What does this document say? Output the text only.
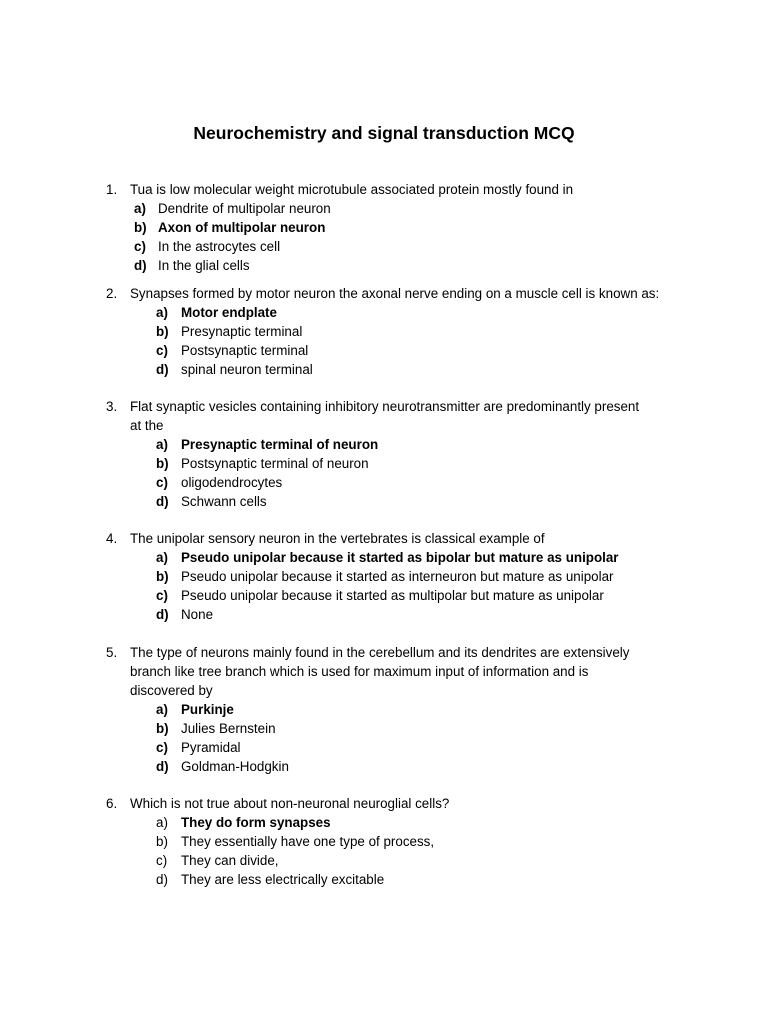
Neurochemistry and signal transduction MCQ
1. Tua is low molecular weight microtubule associated protein mostly found in
a) Dendrite of multipolar neuron
b) Axon of multipolar neuron
c) In the astrocytes cell
d) In the glial cells
2. Synapses formed by motor neuron the axonal nerve ending on a muscle cell is known as:
a) Motor endplate
b) Presynaptic terminal
c) Postsynaptic terminal
d) spinal neuron terminal
3. Flat synaptic vesicles containing inhibitory neurotransmitter are predominantly present
at the
a) Presynaptic terminal of neuron
b) Postsynaptic terminal of neuron
c) oligodendrocytes
d) Schwann cells
4. The unipolar sensory neuron in the vertebrates is classical example of
a) Pseudo unipolar because it started as bipolar but mature as unipolar
b) Pseudo unipolar because it started as interneuron but mature as unipolar
c) Pseudo unipolar because it started as multipolar but mature as unipolar
d) None
5. The type of neurons mainly found in the cerebellum and its dendrites are extensively
branch like tree branch which is used for maximum input of information and is
discovered by
a) Purkinje
b) Julies Bernstein
c) Pyramidal
d) Goldman-Hodgkin
6. Which is not true about non-neuronal neuroglial cells?
a) They do form synapses
b) They essentially have one type of process,
c) They can divide,
d) They are less electrically excitable
